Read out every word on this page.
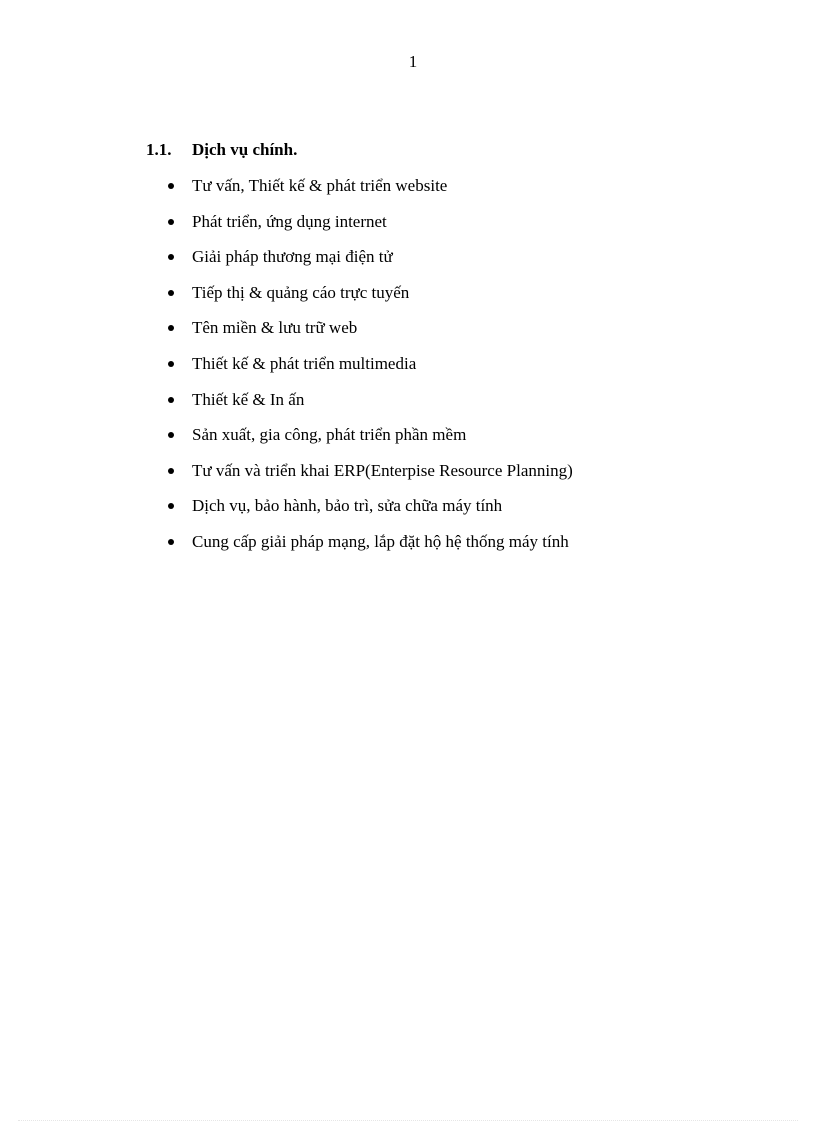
1
1.1. Dịch vụ chính.
Tư vấn, Thiết kế & phát triển website
Phát triển, ứng dụng internet
Giải pháp thương mại điện tử
Tiếp thị & quảng cáo trực tuyến
Tên miền & lưu trữ web
Thiết kế & phát triển multimedia
Thiết kế & In ấn
Sản xuất, gia công, phát triển phần mềm
Tư vấn và triển khai ERP(Enterpise Resource Planning)
Dịch vụ, bảo hành, bảo trì, sửa chữa máy tính
Cung cấp giải pháp mạng, lắp đặt hộ hệ thống máy tính
